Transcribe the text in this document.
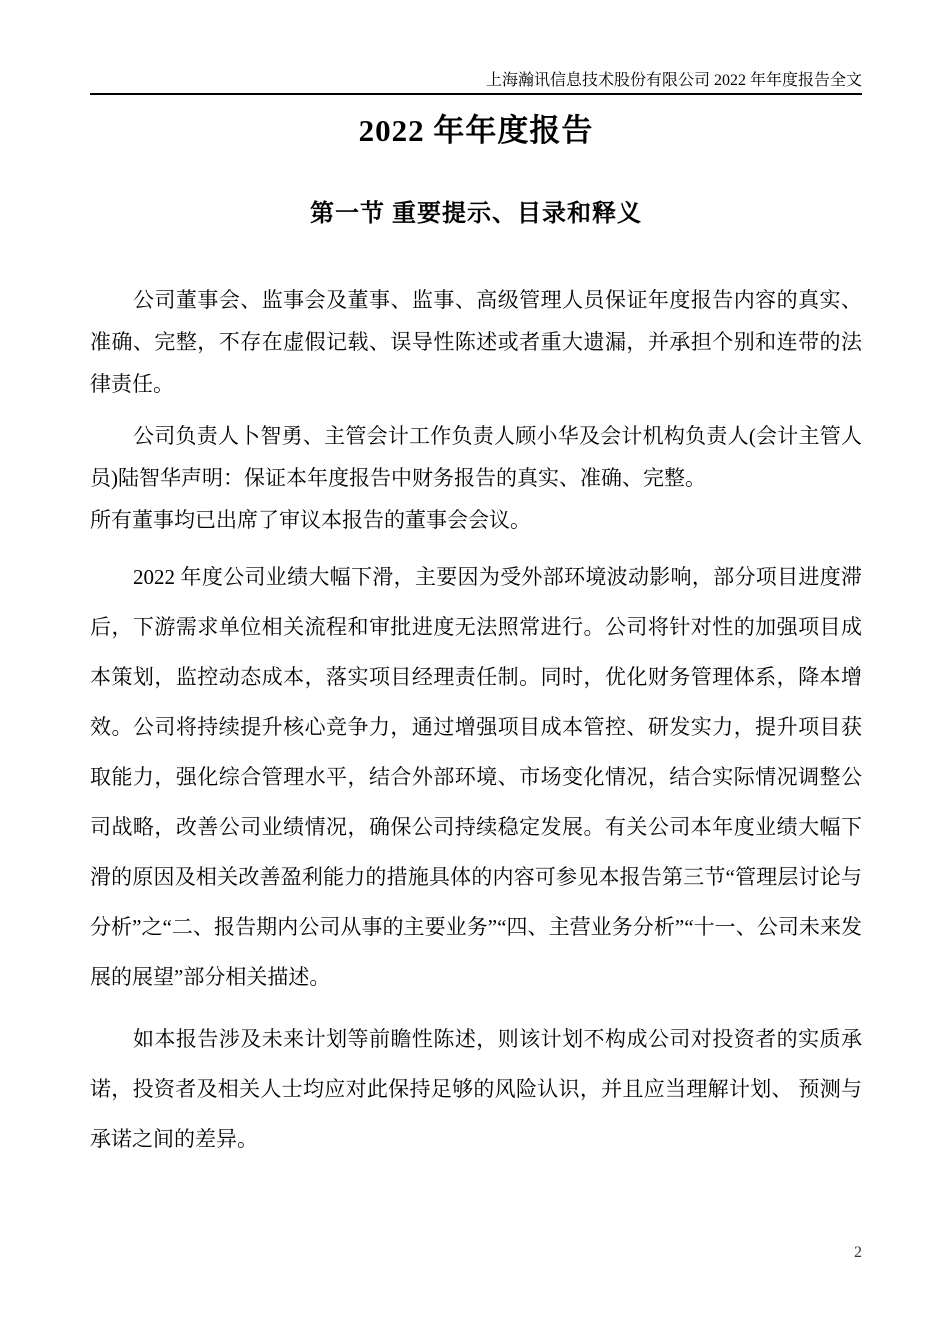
上海瀚讯信息技术股份有限公司 2022 年年度报告全文
2022 年年度报告
第一节 重要提示、目录和释义

公司董事会、监事会及董事、监事、高级管理人员保证年度报告内容的真实、准确、完整，不存在虚假记载、误导性陈述或者重大遗漏，并承担个别和连带的法律责任。

公司负责人卜智勇、主管会计工作负责人顾小华及会计机构负责人(会计主管人员)陆智华声明：保证本年度报告中财务报告的真实、准确、完整。

所有董事均已出席了审议本报告的董事会会议。

2022 年度公司业绩大幅下滑，主要因为受外部环境波动影响，部分项目进度滞后，下游需求单位相关流程和审批进度无法照常进行。公司将针对性的加强项目成本策划，监控动态成本，落实项目经理责任制。同时，优化财务管理体系，降本增效。公司将持续提升核心竞争力，通过增强项目成本管控、研发实力，提升项目获取能力，强化综合管理水平，结合外部环境、市场变化情况，结合实际情况调整公司战略，改善公司业绩情况，确保公司持续稳定发展。有关公司本年度业绩大幅下滑的原因及相关改善盈利能力的措施具体的内容可参见本报告第三节“管理层讨论与分析”之“二、报告期内公司从事的主要业务”“四、主营业务分析”“十一、公司未来发展的展望”部分相关描述。

如本报告涉及未来计划等前瞻性陈述，则该计划不构成公司对投资者的实质承诺，投资者及相关人士均应对此保持足够的风险认识，并且应当理解计划、 预测与承诺之间的差异。

2
